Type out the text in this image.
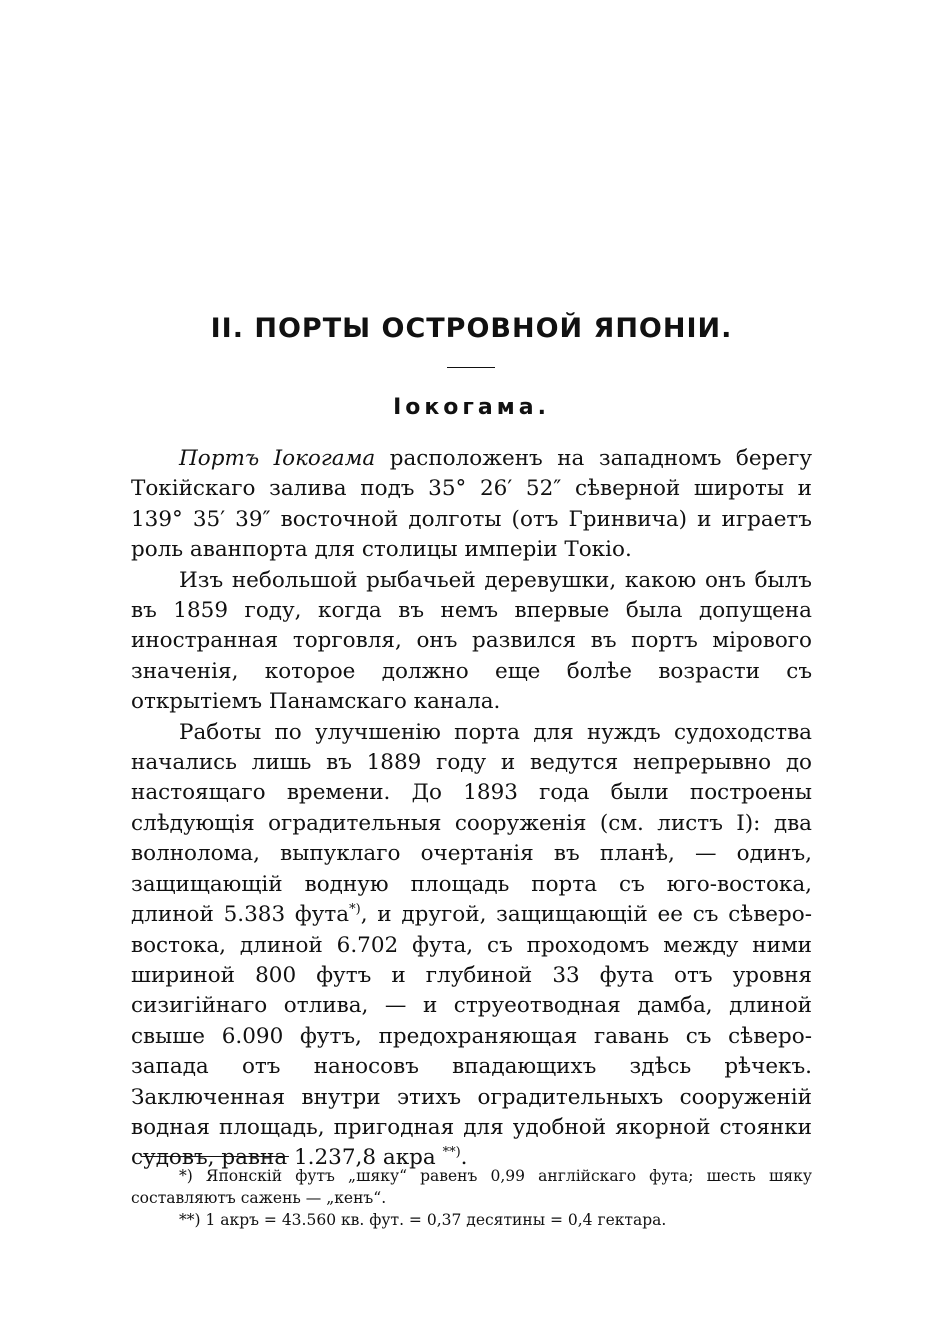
II. ПОРТЫ ОСТРОВНОЙ ЯПОНІИ.
Іокогама.

Портъ Іокогама расположенъ на западномъ берегу Токійскаго залива подъ 35° 26′ 52″ сѣверной широты и 139° 35′ 39″ восточной долготы (отъ Гринвича) и играетъ роль аванпорта для столицы имперіи Токіо.

Изъ небольшой рыбачьей деревушки, какою онъ былъ въ 1859 году, когда въ немъ впервые была допущена иностранная торговля, онъ развился въ портъ мірового значенія, которое должно еще болѣе возрасти съ открытіемъ Панамскаго канала.

Работы по улучшенію порта для нуждъ судоходства начались лишь въ 1889 году и ведутся непрерывно до настоящаго времени. До 1893 года были построены слѣдующія оградительныя сооруженія (см. листъ I): два волнолома, выпуклаго очертанія въ планѣ, — одинъ, защищающій водную площадь порта съ юго-востока, длиной 5.383 фута*), и другой, защищающій ее съ сѣверо-востока, длиной 6.702 фута, съ проходомъ между ними шириной 800 футъ и глубиной 33 фута отъ уровня сизигійнаго отлива, — и струеотводная дамба, длиной свыше 6.090 футъ, предохраняющая гавань съ сѣверо-запада отъ наносовъ впадающихъ здѣсь рѣчекъ. Заключенная внутри этихъ оградительныхъ сооруженій водная площадь, пригодная для удобной якорной стоянки судовъ, равна 1.237,8 акра **).

*) Японскій футъ „шяку“ равенъ 0,99 англійскаго фута; шесть шяку составляютъ сажень — „кенъ“.

**) 1 акръ = 43.560 кв. фут. = 0,37 десятины = 0,4 гектара.
